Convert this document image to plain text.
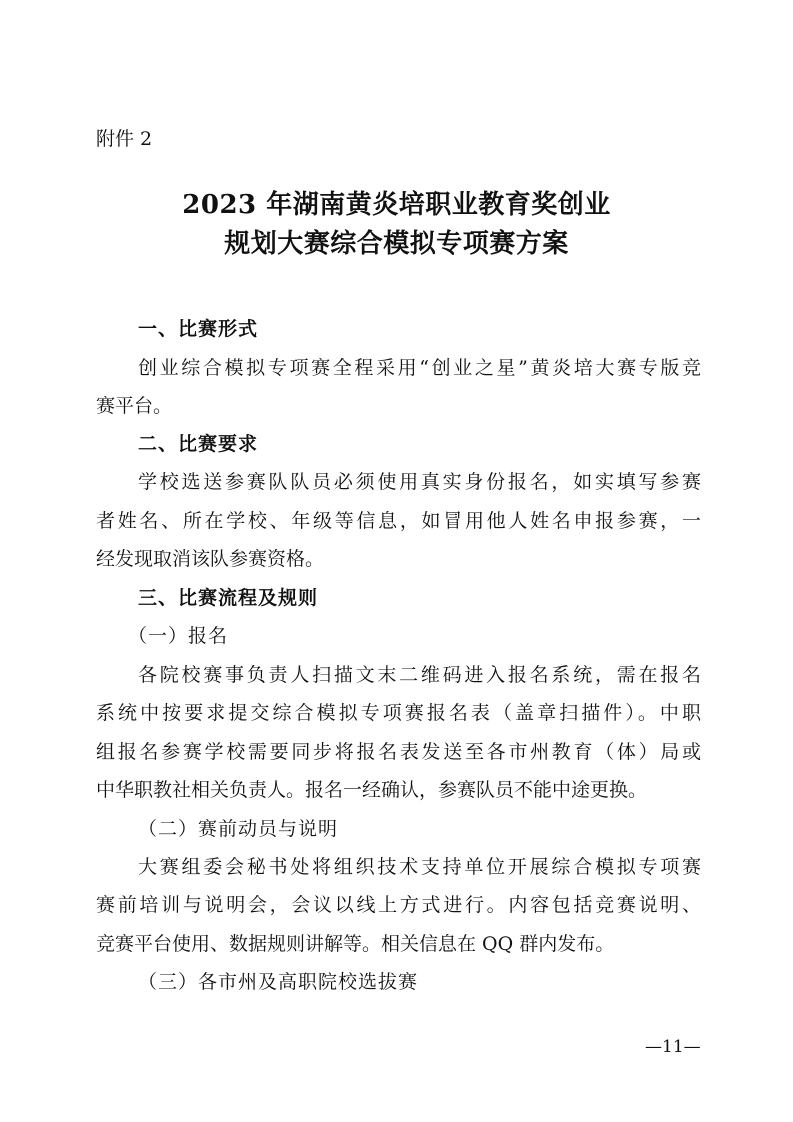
附件 2
2023 年湖南黄炎培职业教育奖创业
规划大赛综合模拟专项赛方案
一、比赛形式
创业综合模拟专项赛全程采用“创业之星”黄炎培大赛专版竞
赛平台。
二、比赛要求
学校选送参赛队队员必须使用真实身份报名，如实填写参赛
者姓名、所在学校、年级等信息，如冒用他人姓名申报参赛，一
经发现取消该队参赛资格。
三、比赛流程及规则
（一）报名
各院校赛事负责人扫描文末二维码进入报名系统，需在报名
系统中按要求提交综合模拟专项赛报名表（盖章扫描件）。中职
组报名参赛学校需要同步将报名表发送至各市州教育（体）局或
中华职教社相关负责人。报名一经确认，参赛队员不能中途更换。
（二）赛前动员与说明
大赛组委会秘书处将组织技术支持单位开展综合模拟专项赛
赛前培训与说明会，会议以线上方式进行。内容包括竞赛说明、
竞赛平台使用、数据规则讲解等。相关信息在 QQ 群内发布。
（三）各市州及高职院校选拔赛
—11—
